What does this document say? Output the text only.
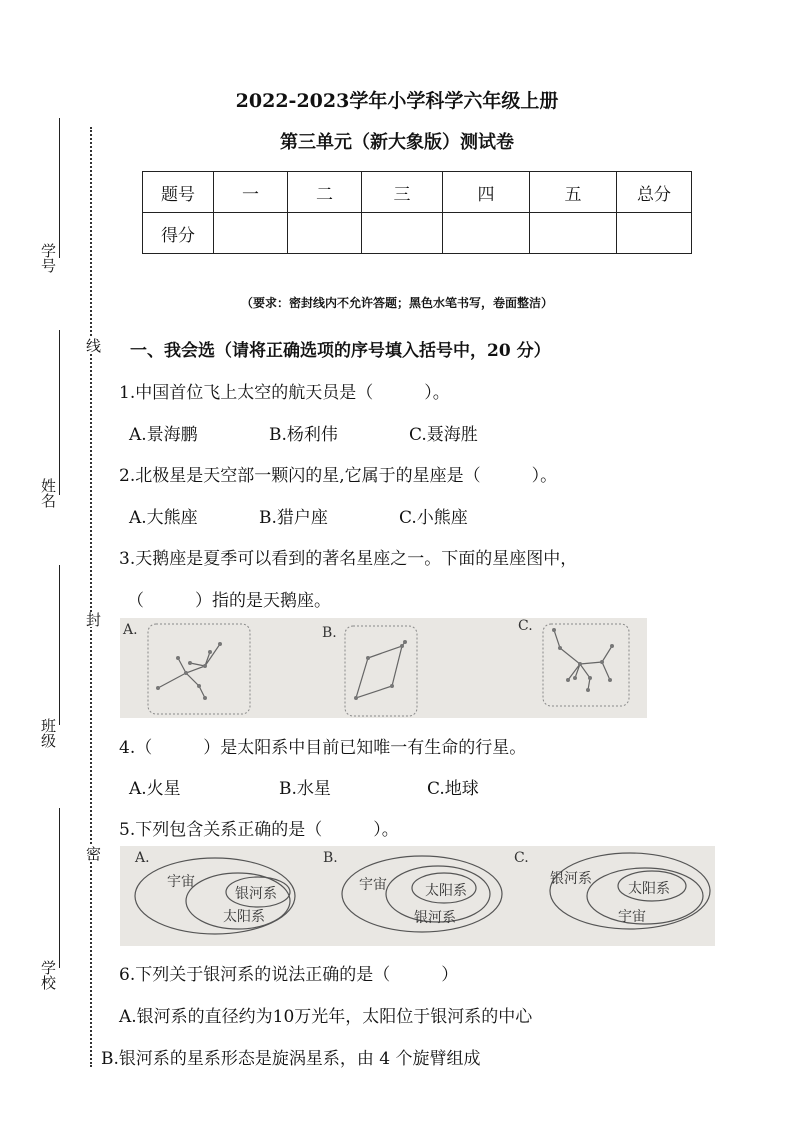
2022-2023学年小学科学六年级上册
第三单元（新大象版）测试卷
题号	一	二	三	四	五	总分
得分						
（要求：密封线内不允许答题；黑色水笔书写，卷面整洁）
学号
姓名
班级
学校
线
封
密
一、我会选（请将正确选项的序号填入括号中，20 分）
1.中国首位飞上太空的航天员是（　　　）。
A.景海鹏	B.杨利伟	C.聂海胜
2.北极星是天空部一颗闪的星,它属于的星座是（　　　）。
A.大熊座	B.猎户座	C.小熊座
3.天鹅座是夏季可以看到的著名星座之一。下面的星座图中，
（　　　）指的是天鹅座。
A.	B.	C.
4.（　　　）是太阳系中目前已知唯一有生命的行星。
A.火星	B.水星	C.地球
5.下列包含关系正确的是（　　　）。
A.	B.	C.
宇宙
银河系
太阳系
宇宙
银河系
太阳系
银河系
宇宙
太阳系
6.下列关于银河系的说法正确的是（　　　）
A.银河系的直径约为10万光年，太阳位于银河系的中心
B.银河系的星系形态是旋涡星系，由 4 个旋臂组成
